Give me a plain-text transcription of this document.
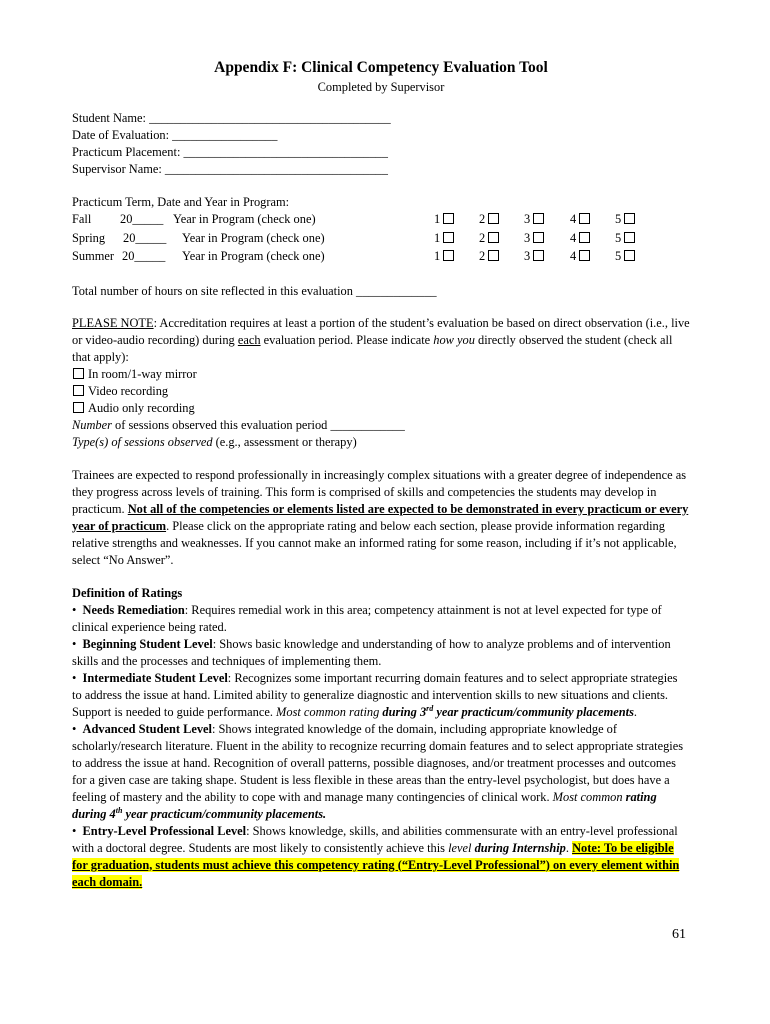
Appendix F: Clinical Competency Evaluation Tool

Completed by Supervisor

Student Name: _______________________________________
Date of Evaluation: _________________
Practicum Placement: _________________________________
Supervisor Name: ____________________________________
Practicum Term, Date and Year in Program:
Fall 20_____ Year in Program (check one)	1	2	3	4	5
Spring 20_____ Year in Program (check one)	1	2	3	4	5
Summer 20_____ Year in Program (check one)	1	2	3	4	5
Total number of hours on site reflected in this evaluation _____________

PLEASE NOTE: Accreditation requires at least a portion of the student’s evaluation be based on direct observation (i.e., live or video-audio recording) during each evaluation period. Please indicate how you directly observed the student (check all that apply):

In room/1-way mirror
Video recording
Audio only recording
Number of sessions observed this evaluation period ____________
Type(s) of sessions observed (e.g., assessment or therapy)

Trainees are expected to respond professionally in increasingly complex situations with a greater degree of independence as they progress across levels of training. This form is comprised of skills and competencies the students may develop in practicum. Not all of the competencies or elements listed are expected to be demonstrated in every practicum or every year of practicum. Please click on the appropriate rating and below each section, please provide information regarding relative strengths and weaknesses. If you cannot make an informed rating for some reason, including if it’s not applicable, select “No Answer”.

Definition of Ratings

•  Needs Remediation: Requires remedial work in this area; competency attainment is not at level expected for type of clinical experience being rated.

•  Beginning Student Level: Shows basic knowledge and understanding of how to analyze problems and of intervention skills and the processes and techniques of implementing them.

•  Intermediate Student Level: Recognizes some important recurring domain features and to select appropriate strategies to address the issue at hand. Limited ability to generalize diagnostic and intervention skills to new situations and clients. Support is needed to guide performance. Most common rating during 3rd year practicum/community placements.

•  Advanced Student Level: Shows integrated knowledge of the domain, including appropriate knowledge of scholarly/research literature. Fluent in the ability to recognize recurring domain features and to select appropriate strategies to address the issue at hand. Recognition of overall patterns, possible diagnoses, and/or treatment processes and outcomes for a given case are taking shape. Student is less flexible in these areas than the entry-level psychologist, but does have a feeling of mastery and the ability to cope with and manage many contingencies of clinical work. Most common rating during 4th year practicum/community placements.

•  Entry-Level Professional Level: Shows knowledge, skills, and abilities commensurate with an entry-level professional with a doctoral degree. Students are most likely to consistently achieve this level during Internship. Note: To be eligible for graduation, students must achieve this competency rating (“Entry-Level Professional”) on every element within each domain.

61
